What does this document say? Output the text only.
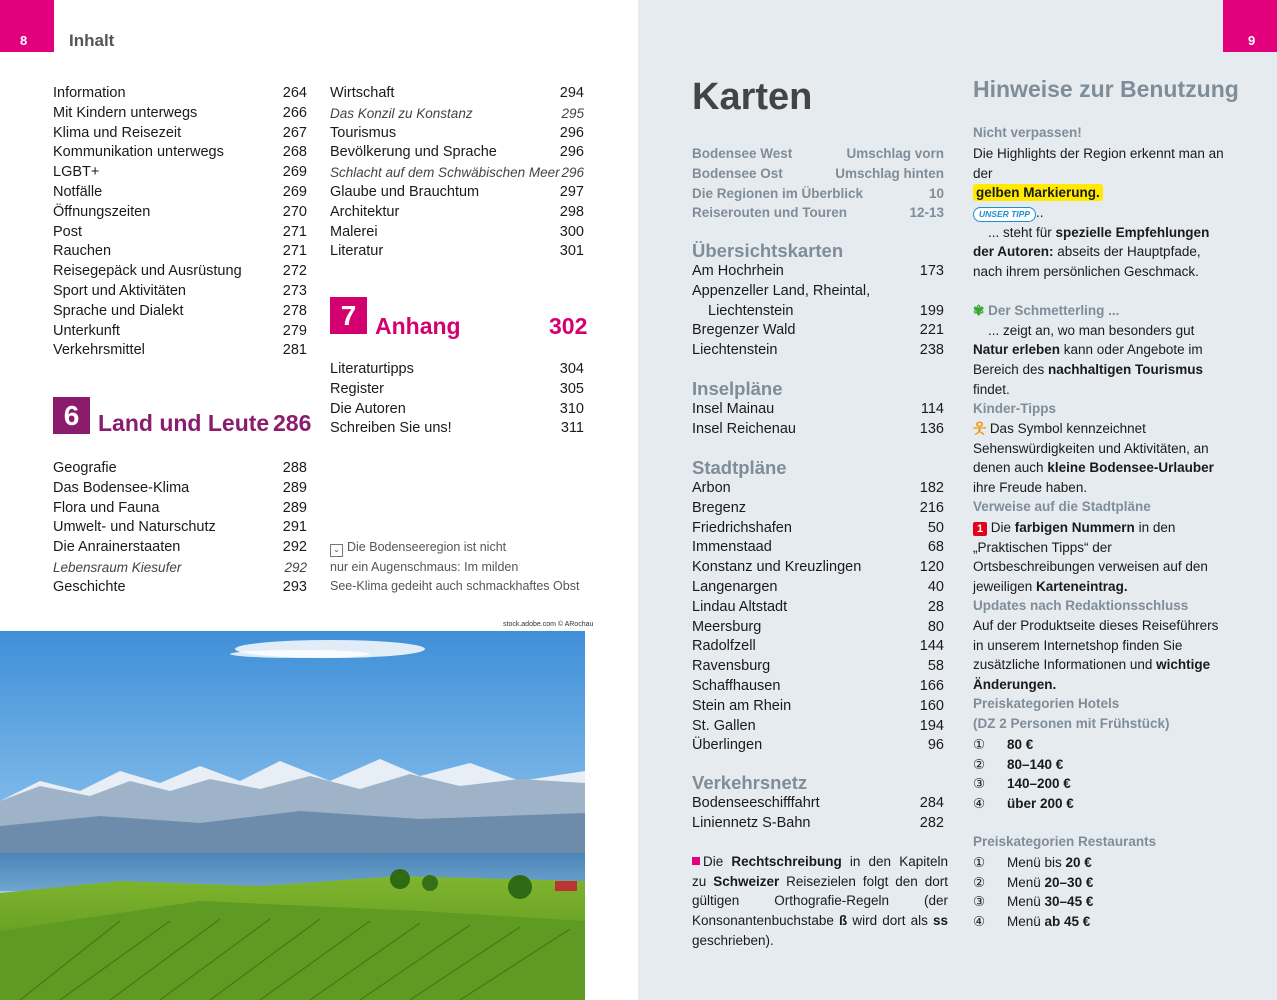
8 Inhalt
Information	264
Mit Kindern unterwegs	266
Klima und Reisezeit	267
Kommunikation unterwegs	268
LGBT+	269
Notfälle	269
Öffnungszeiten	270
Post	271
Rauchen	271
Reisegepäck und Ausrüstung	272
Sport und Aktivitäten	273
Sprache und Dialekt	278
Unterkunft	279
Verkehrsmittel	281
6 Land und Leute 286
Geografie	288
Das Bodensee-Klima	289
Flora und Fauna	289
Umwelt- und Naturschutz	291
Die Anrainerstaaten	292
Lebensraum Kiesufer	292
Geschichte	293
Wirtschaft	294
Das Konzil zu Konstanz	295
Tourismus	296
Bevölkerung und Sprache	296
Schlacht auf dem Schwäbischen Meer 296
Glaube und Brauchtum	297
Architektur	298
Malerei	300
Literatur	301
7 Anhang	302
Literaturtipps	304
Register	305
Die Autoren	310
Schreiben Sie uns!	311
⌄ Die Bodenseeregion ist nicht
nur ein Augenschmaus: Im milden
See-Klima gedeiht auch schmackhaftes Obst
stock.adobe.com © ARochau
9
Karten
Bodensee West	Umschlag vorn
Bodensee Ost	Umschlag hinten
Die Regionen im Überblick	10
Reiserouten und Touren	12-13
Übersichtskarten
Am Hochrhein	173
Appenzeller Land, Rheintal,
Liechtenstein	199
Bregenzer Wald	221
Liechtenstein	238
Inselpläne
Insel Mainau	114
Insel Reichenau	136
Stadtpläne
Arbon	182
Bregenz	216
Friedrichshafen	50
Immenstaad	68
Konstanz und Kreuzlingen	120
Langenargen	40
Lindau Altstadt	28
Meersburg	80
Radolfzell	144
Ravensburg	58
Schaffhausen	166
Stein am Rhein	160
St. Gallen	194
Überlingen	96
Verkehrsnetz
Bodenseeschifffahrt	284
Liniennetz S-Bahn	282
Die Rechtschreibung in den Kapiteln zu Schweizer Reisezielen folgt den dort gültigen Orthografie-Regeln (der Konsonantenbuchstabe ß wird dort als ss geschrieben).
Hinweise zur Benutzung
Nicht verpassen!
Die Highlights der Region erkennt man an der
gelben Markierung.
UNSER TIPP ..
... steht für spezielle Empfehlungen der Autoren: abseits der Hauptpfade, nach ihrem persönlichen Geschmack.
✾ Der Schmetterling ...
... zeigt an, wo man besonders gut Natur erleben kann oder Angebote im Bereich des nachhaltigen Tourismus findet.
Kinder-Tipps
웃 Das Symbol kennzeichnet Sehenswürdigkeiten und Aktivitäten, an denen auch kleine Bodensee-Urlauber ihre Freude haben.
Verweise auf die Stadtpläne
1 Die farbigen Nummern in den „Praktischen Tipps“ der Ortsbeschreibungen verweisen auf den jeweiligen Karteneintrag.
Updates nach Redaktionsschluss
Auf der Produktseite dieses Reiseführers in unserem Internetshop finden Sie zusätzliche Informationen und wichtige Änderungen.
Preiskategorien Hotels
(DZ 2 Personen mit Frühstück)
① 80 €
② 80–140 €
③ 140–200 €
④ über 200 €
Preiskategorien Restaurants
① Menü bis 20 €
② Menü 20–30 €
③ Menü 30–45 €
④ Menü ab 45 €
